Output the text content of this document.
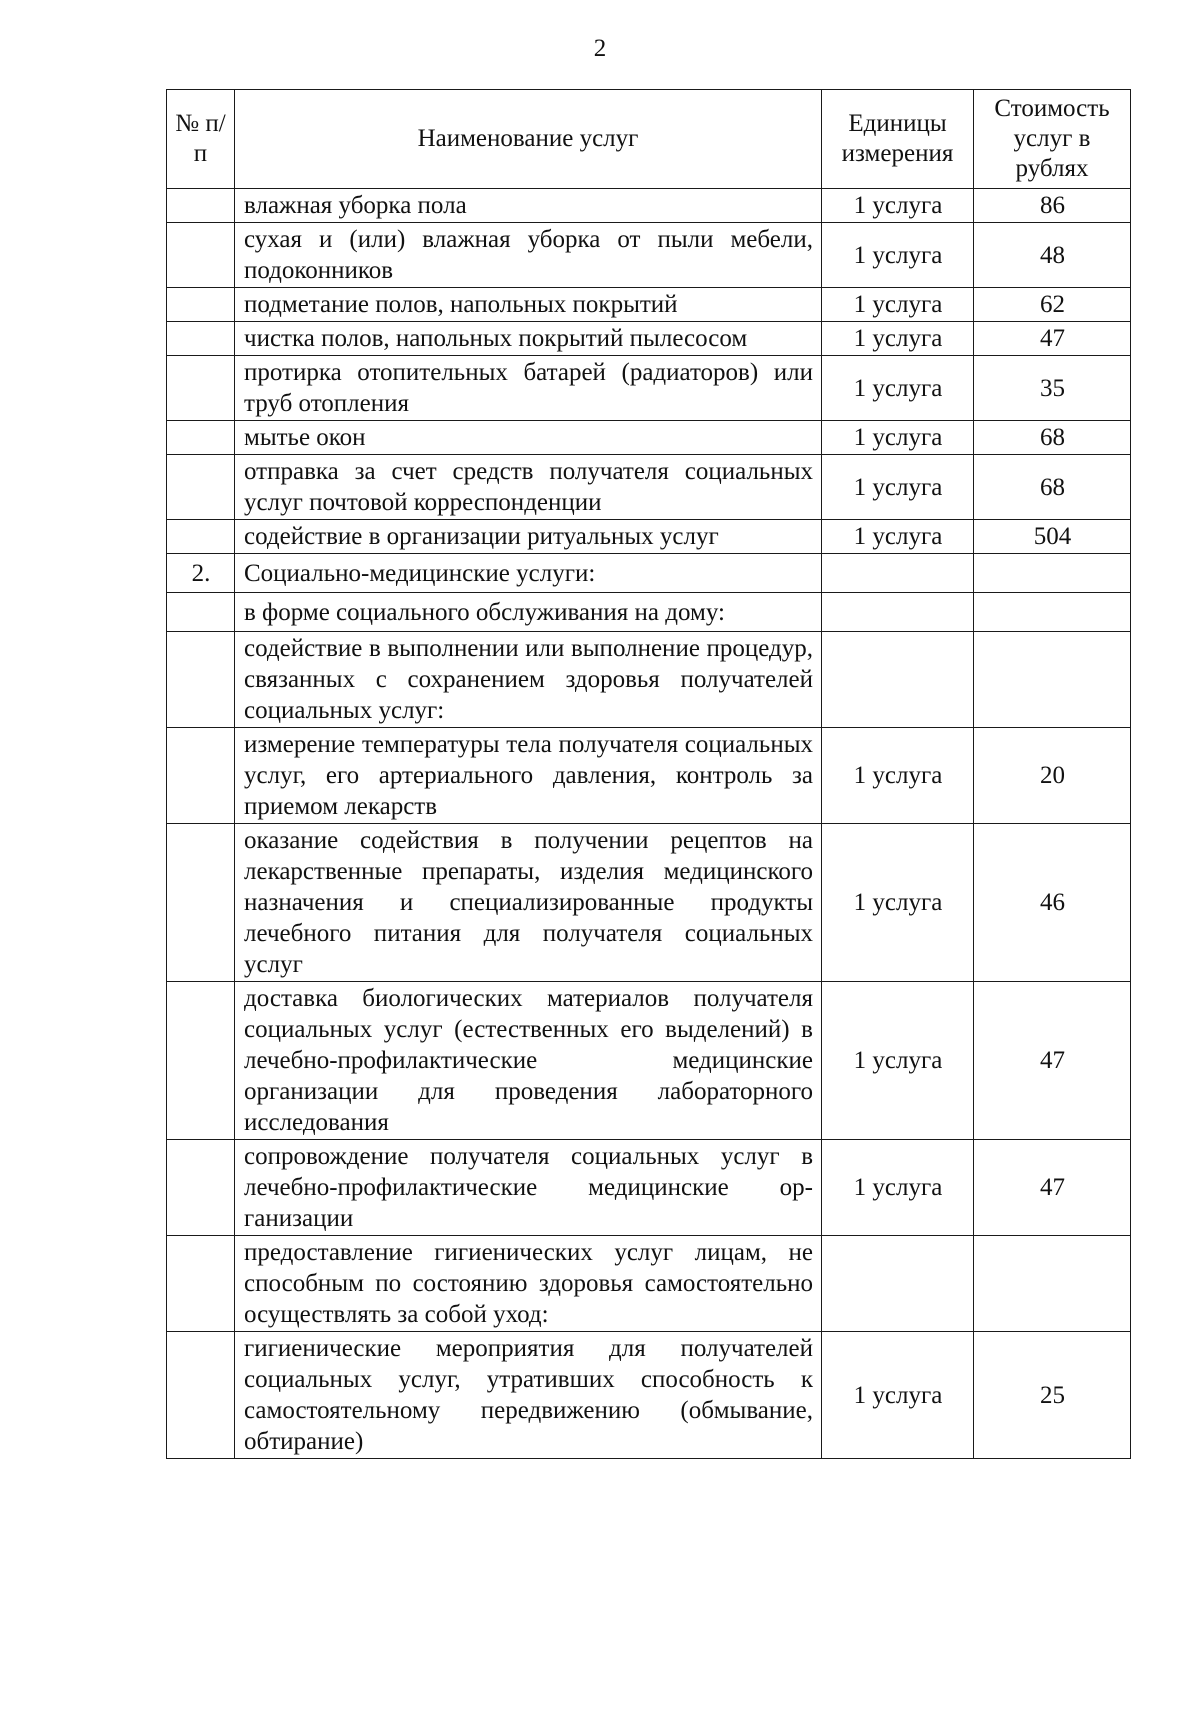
2
№ п/п	Наименование услуг	Единицы измерения	Стоимость услуг в рублях
	влажная уборка пола	1 услуга	86
	сухая и (или) влажная уборка от пыли мебели, подоконников	1 услуга	48
	подметание полов, напольных покрытий	1 услуга	62
	чистка полов, напольных покрытий пылесосом	1 услуга	47
	протирка отопительных батарей (радиаторов) или труб отопления	1 услуга	35
	мытье окон	1 услуга	68
	отправка за счет средств получателя социальных услуг почтовой корреспонденции	1 услуга	68
	содействие в организации ритуальных услуг	1 услуга	504
2.	Социально-медицинские услуги:		
	в форме социального обслуживания на дому:		
	содействие в выполнении или выполнение процедур, связанных с сохранением здоровья получателей социальных услуг:		
	измерение температуры тела получателя социальных услуг, его артериального давления, контроль за приемом лекарств	1 услуга	20
	оказание содействия в получении рецептов на лекарственные препараты, изделия медицинского назначения и специализированные продукты лечебного питания для получателя социальных услуг	1 услуга	46
	доставка биологических материалов получателя социальных услуг (естественных его выделений) в лечебно-профилактические медицинские организации для проведения лабораторного исследования	1 услуга	47
	сопровождение получателя социальных услуг в лечебно-профилактические медицинские организации	1 услуга	47
	предоставление гигиенических услуг лицам, не способным по состоянию здоровья самостоятельно осуществлять за собой уход:		
	гигиенические мероприятия для получателей социальных услуг, утративших способность к самостоятельному передвижению (обмывание, обтирание)	1 услуга	25
